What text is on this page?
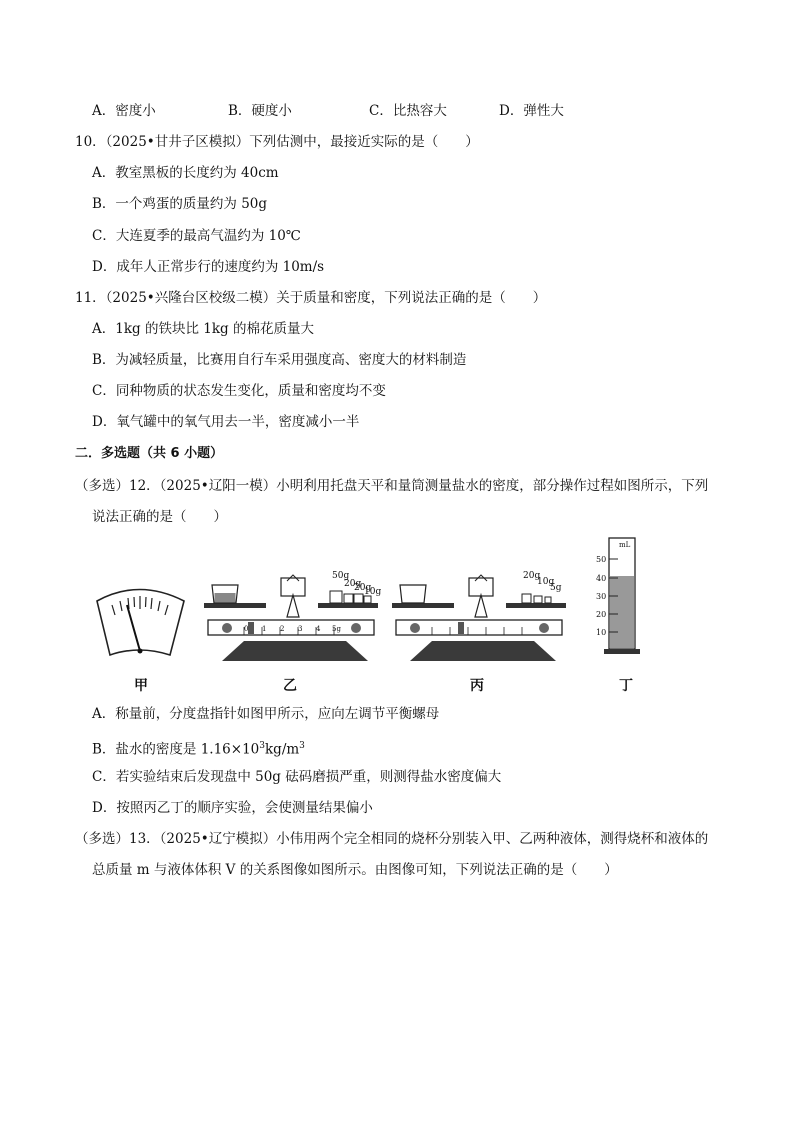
A．密度小	B．硬度小	C．比热容大	D．弹性大
10．（2025•甘井子区模拟）下列估测中，最接近实际的是（　　）
A．教室黑板的长度约为 40cm
B．一个鸡蛋的质量约为 50g
C．大连夏季的最高气温约为 10℃
D．成年人正常步行的速度约为 10m/s
11．（2025•兴隆台区校级二模）关于质量和密度，下列说法正确的是（　　）
A．1kg 的铁块比 1kg 的棉花质量大
B．为减轻质量，比赛用自行车采用强度高、密度大的材料制造
C．同种物质的状态发生变化，质量和密度均不变
D．氧气罐中的氧气用去一半，密度减小一半
二．多选题（共 6 小题）
（多选）12．（2025•辽阳一模）小明利用托盘天平和量筒测量盐水的密度，部分操作过程如图所示，下列
说法正确的是（　　）
50g
20g
20g
10g
20g
10g
5g
0 1 2 3 4 5g
mL
50
40
30
20
10
甲	乙	丙	丁
A．称量前，分度盘指针如图甲所示，应向左调节平衡螺母
B．盐水的密度是 $1.16\times 10^3kg/m^3$
C．若实验结束后发现盘中 50g 砝码磨损严重，则测得盐水密度偏大
D．按照丙乙丁的顺序实验，会使测量结果偏小
（多选）13．（2025•辽宁模拟）小伟用两个完全相同的烧杯分别装入甲、乙两种液体，测得烧杯和液体的
总质量 m 与液体体积 V 的关系图像如图所示。由图像可知，下列说法正确的是（　　）
